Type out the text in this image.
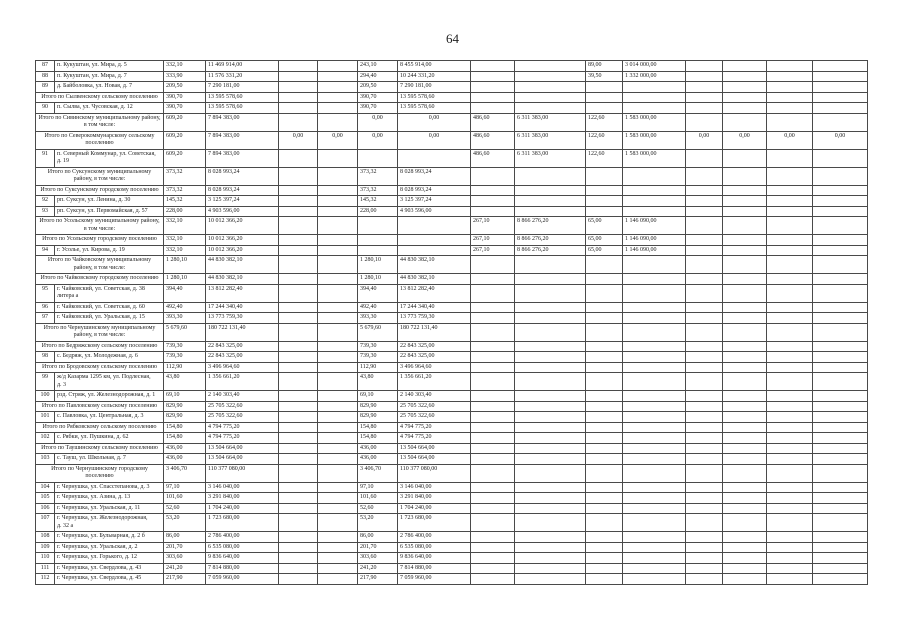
64
87	п. Кукуштан, ул. Мира, д. 5	332,10	11 469 914,00			243,10	8 455 914,00			89,00	3 014 000,00				
88	п. Кукуштан, ул. Мира, д. 7	333,90	11 576 331,20			294,40	10 244 331,20			39,50	1 332 000,00				
89	д. Байболовка, ул. Новая, д. 7	209,50	7 290 181,00			209,50	7 290 181,00								

Итого по Сылвенскому сельскому поселению		390,70	13 595 578,60			390,70	13 595 578,60								
90	п. Сылва, ул. Чусовская, д. 12	390,70	13 595 578,60			390,70	13 595 578,60								

Итого по Сивинскому муниципальному району,
в том числе:		609,20	7 894 383,00			0,00	0,00	486,60	6 311 383,00	122,60	1 583 000,00				

Итого по Северокоммунарскому сельскому
поселению		609,20	7 894 383,00	0,00	0,00	0,00	0,00	486,60	6 311 383,00	122,60	1 583 000,00	0,00	0,00	0,00	0,00
91	п. Северный Коммунар, ул. Советская,
д. 19	609,20	7 894 383,00					486,60	6 311 383,00	122,60	1 583 000,00				

Итого по Суксунскому муниципальному
району, в том числе:		373,32	8 028 993,24			373,32	8 028 993,24								

Итого по Суксунскому городскому поселению		373,32	8 028 993,24			373,32	8 028 993,24								
92	рп. Суксун, ул. Ленина, д. 30	145,32	3 125 397,24			145,32	3 125 397,24								
93	рп. Суксун, ул. Первомайская, д. 57	228,00	4 903 596,00			228,00	4 903 596,00								

Итого по Усольскому муниципальному району,
в том числе:		332,10	10 012 366,20					267,10	8 866 276,20	65,00	1 146 090,00				

Итого по Усольскому городскому поселению		332,10	10 012 366,20					267,10	8 866 276,20	65,00	1 146 090,00				
94	г. Усолье, ул. Кирова, д. 19	332,10	10 012 366,20					267,10	8 866 276,20	65,00	1 146 090,00				

Итого по Чайковскому муниципальному
району, в том числе:		1 280,10	44 830 382,10			1 280,10	44 830 382,10								

Итого по Чайковскому городскому поселению		1 280,10	44 830 382,10			1 280,10	44 830 382,10								
95	г. Чайковский, ул. Советская, д. 38
литера а	394,40	13 812 282,40			394,40	13 812 282,40								
96	г. Чайковский, ул. Советская, д. 60	492,40	17 244 340,40			492,40	17 244 340,40								
97	г. Чайковский, ул. Уральская, д. 15	393,30	13 773 759,30			393,30	13 773 759,30								

Итого по Чернушинскому муниципальному
району, в том числе:		5 679,60	180 722 131,40			5 679,60	180 722 131,40								

Итого по Бедряжскому сельскому поселению		739,30	22 843 325,00			739,30	22 843 325,00								
98	с. Бедряж, ул. Молодежная, д. 6	739,30	22 843 325,00			739,30	22 843 325,00								

Итого по Бродовскому сельскому поселению		112,90	3 496 964,60			112,90	3 496 964,60								
99	ж/д Казарма 1295 км, ул. Подлесная,
д. 3	43,80	1 356 661,20			43,80	1 356 661,20								
100	рзд. Стряж, ул. Железнодорожная, д. 1	69,10	2 140 303,40			69,10	2 140 303,40								

Итого по Павловскому сельскому поселению		829,90	25 705 322,60			829,90	25 705 322,60								
101	с. Павловка, ул. Центральная, д. 3	829,90	25 705 322,60			829,90	25 705 322,60								

Итого по Рябковскому сельскому поселению		154,80	4 794 775,20			154,80	4 794 775,20								
102	с. Рябки, ул. Пушкина, д. 62	154,80	4 794 775,20			154,80	4 794 775,20								

Итого по Таушинскому сельскому поселению		436,00	13 504 664,00			436,00	13 504 664,00								
103	с. Тауш, ул. Школьная, д. 7	436,00	13 504 664,00			436,00	13 504 664,00								

Итого по Чернушинскому городскому
поселению		3 406,70	110 377 080,00			3 406,70	110 377 080,00								
104	г. Чернушка, ул. Спасстепанова, д. 3	97,10	3 146 040,00			97,10	3 146 040,00								
105	г. Чернушка, ул. Азина, д. 13	101,60	3 291 840,00			101,60	3 291 840,00								
106	г. Чернушка, ул. Уральская, д. 11	52,60	1 704 240,00			52,60	1 704 240,00								
107	г. Чернушка, ул. Железнодорожная,
д. 32 а	53,20	1 723 680,00			53,20	1 723 680,00								
108	г. Чернушка, ул. Бульварная, д. 2 б	86,00	2 786 400,00			86,00	2 786 400,00								
109	г. Чернушка, ул. Уральская, д. 2	201,70	6 535 080,00			201,70	6 535 080,00								
110	г. Чернушка, ул. Горького, д. 12	303,60	9 836 640,00			303,60	9 836 640,00								
111	г. Чернушка, ул. Свердлова, д. 43	241,20	7 814 880,00			241,20	7 814 880,00								
112	г. Чернушка, ул. Свердлова, д. 45	217,90	7 059 960,00			217,90	7 059 960,00								
